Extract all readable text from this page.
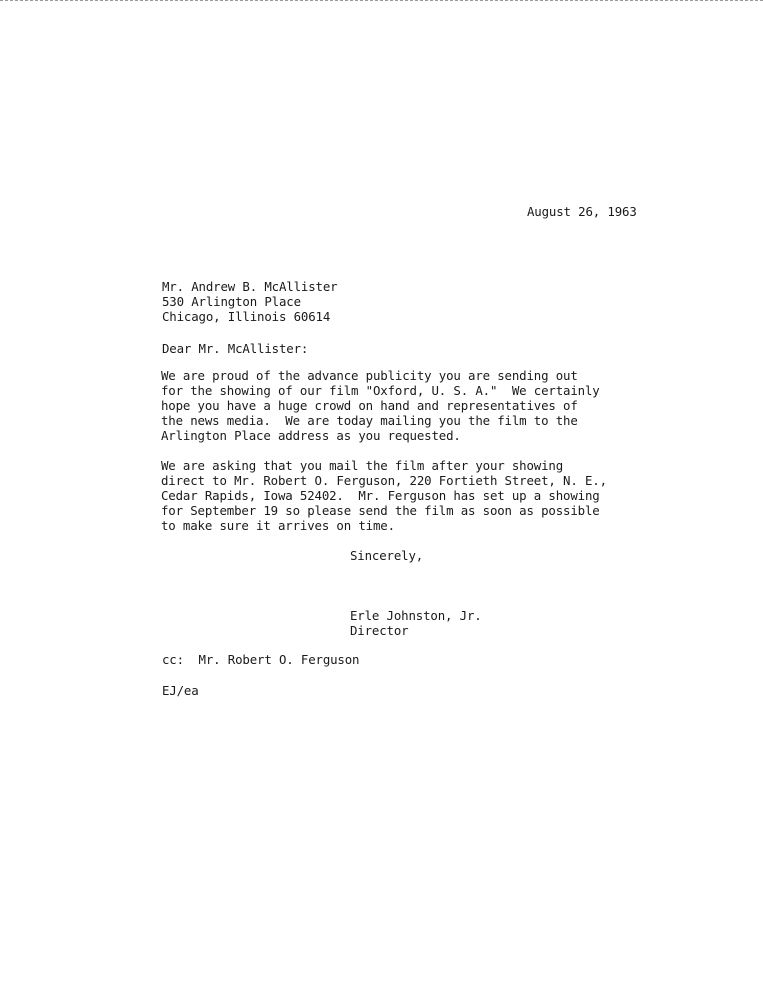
August 26, 1963
Mr. Andrew B. McAllister
530 Arlington Place
Chicago, Illinois 60614
Dear Mr. McAllister:
We are proud of the advance publicity you are sending out
for the showing of our film "Oxford, U. S. A."  We certainly
hope you have a huge crowd on hand and representatives of
the news media.  We are today mailing you the film to the
Arlington Place address as you requested.
We are asking that you mail the film after your showing
direct to Mr. Robert O. Ferguson, 220 Fortieth Street, N. E.,
Cedar Rapids, Iowa 52402.  Mr. Ferguson has set up a showing
for September 19 so please send the film as soon as possible
to make sure it arrives on time.
Sincerely,
Erle Johnston, Jr.
Director
cc:  Mr. Robert O. Ferguson
EJ/ea
